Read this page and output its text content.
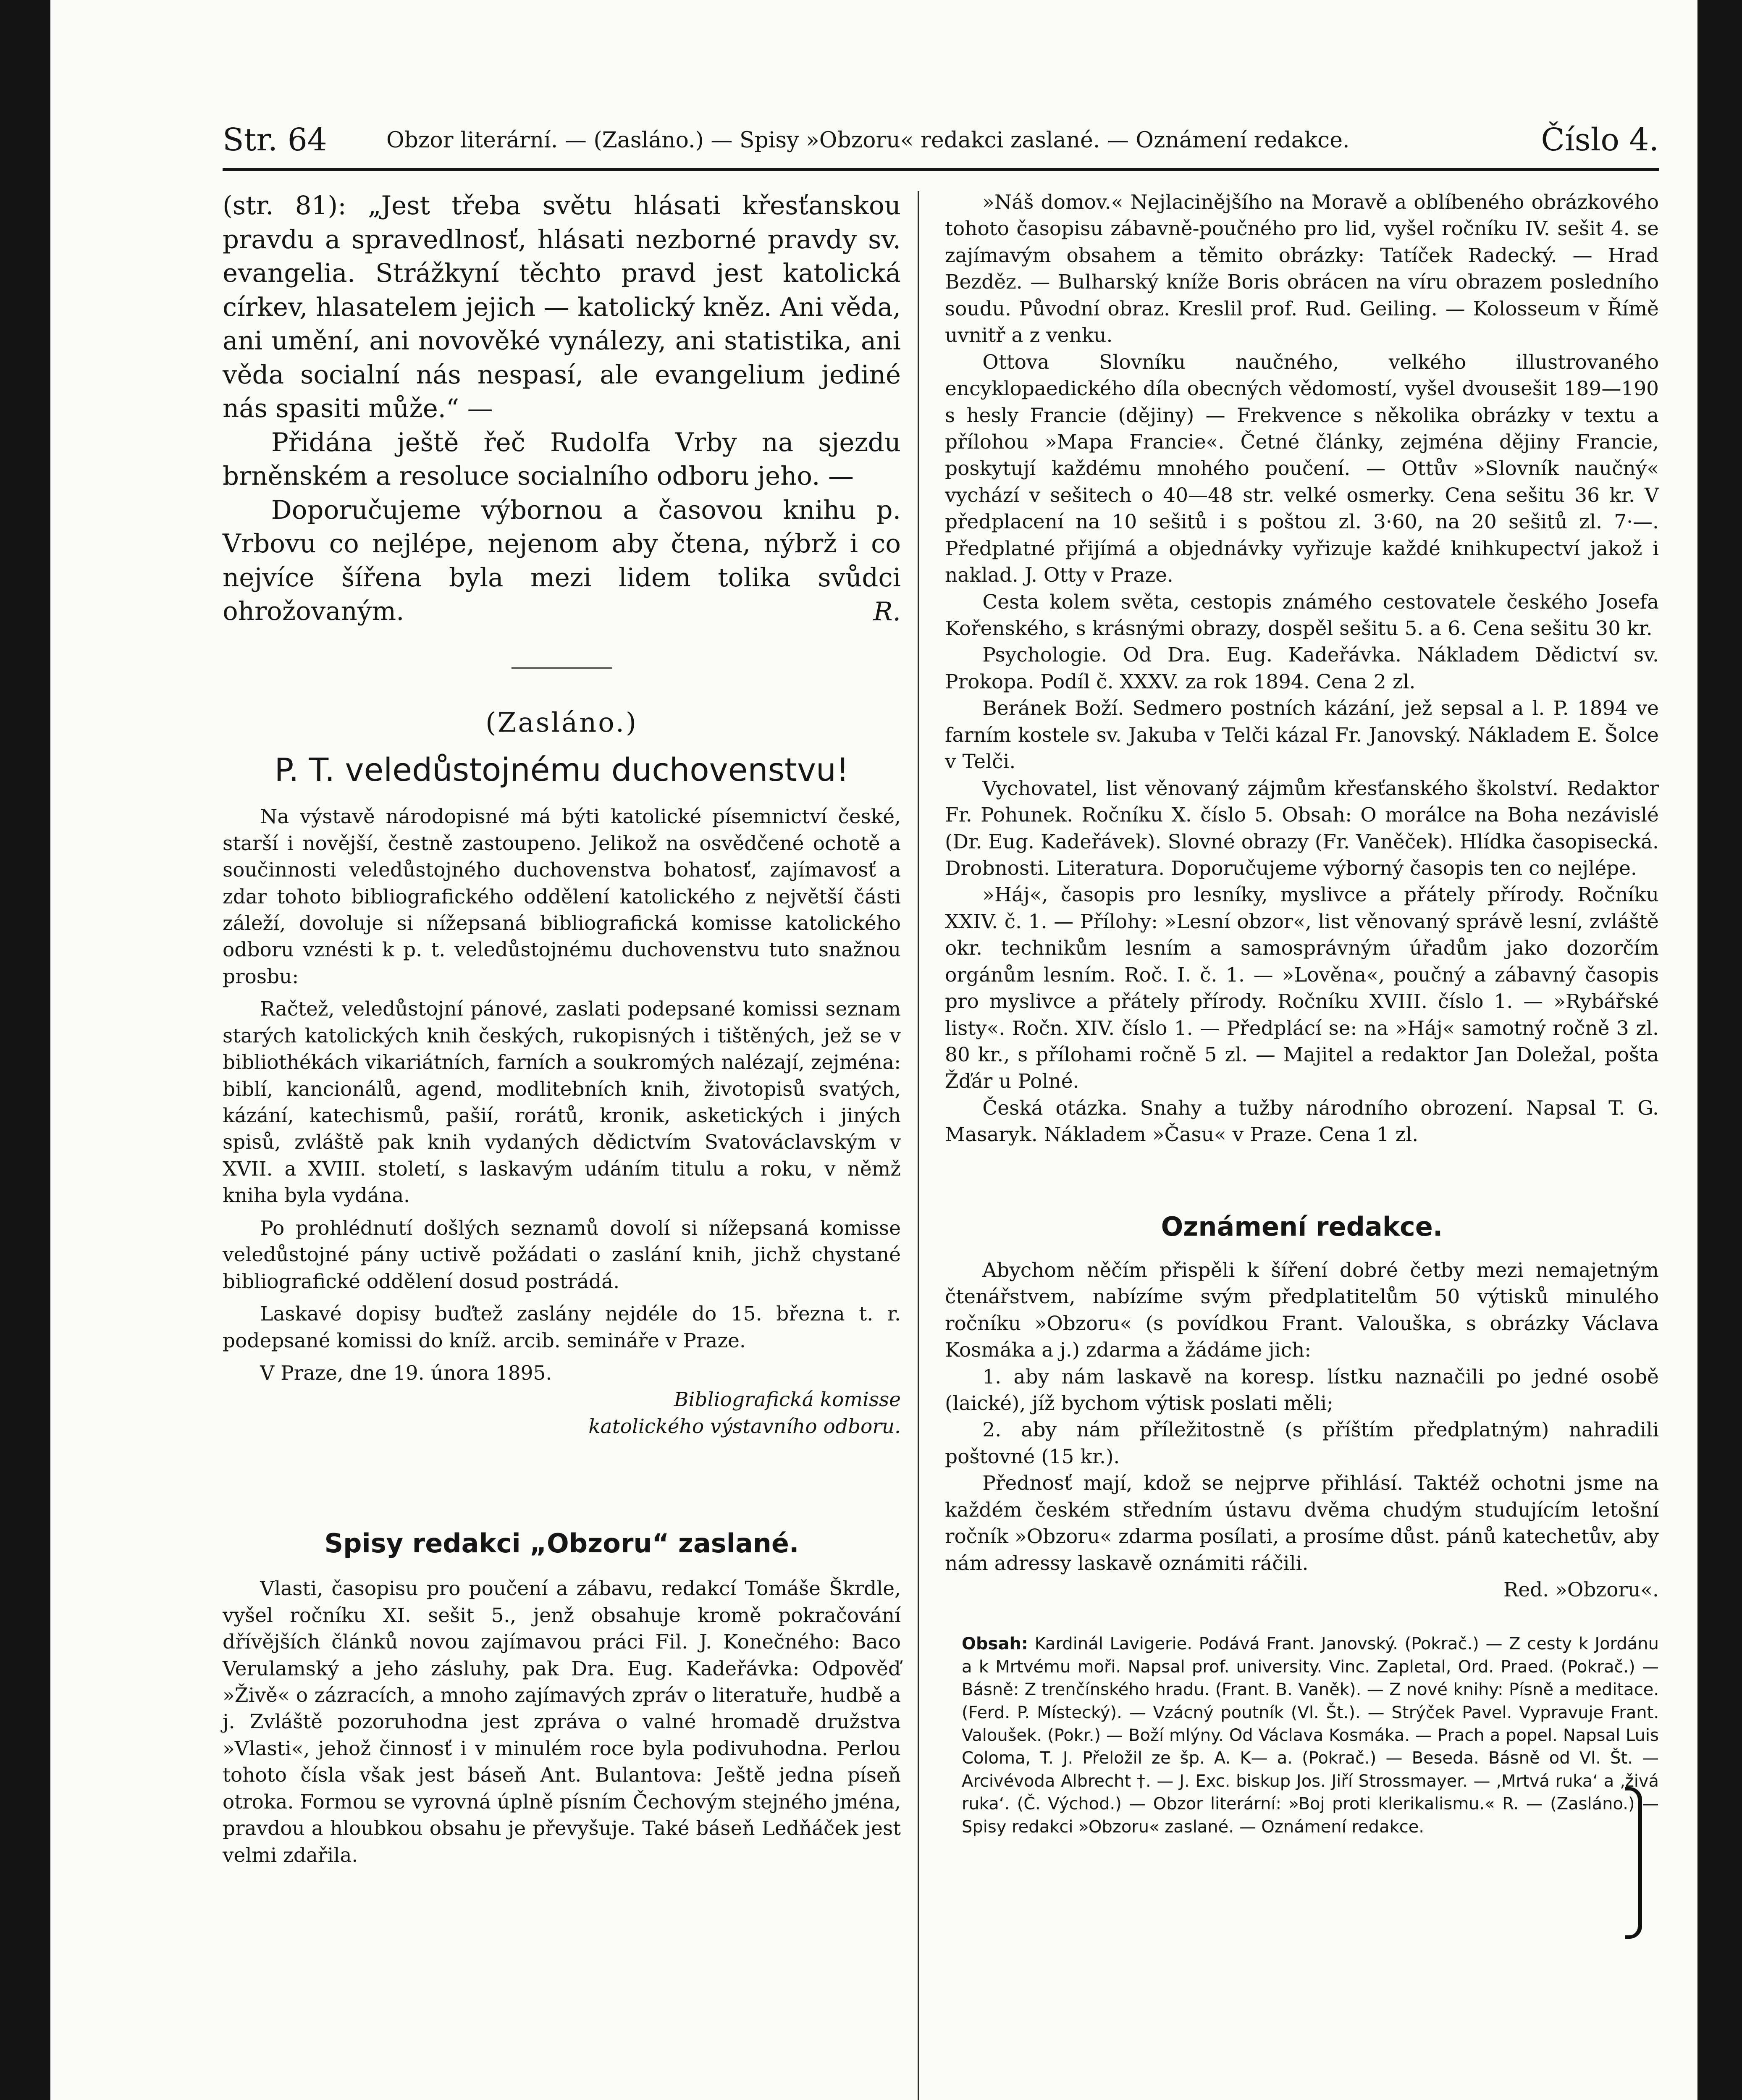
Str. 64	Obzor literární. — (Zasláno.) — Spisy »Obzoru« redakci zaslané. — Oznámení redakce.	Číslo 4.

(str. 81): „Jest třeba světu hlásati křesťanskou pravdu a spravedlnosť, hlásati nezborné pravdy sv. evangelia. Strážkyní těchto pravd jest katolická církev, hlasatelem jejich — katolický kněz. Ani věda, ani umění, ani novověké vynálezy, ani statistika, ani věda socialní nás nespasí, ale evangelium jediné nás spasiti může.“ —

Přidána ještě řeč Rudolfa Vrby na sjezdu brněnském a resoluce socialního odboru jeho. —

Doporučujeme výbornou a časovou knihu p. Vrbovu co nejlépe, nejenom aby čtena, nýbrž i co nejvíce šířena byla mezi lidem tolika svůdci ohrožovaným.	R.

(Zasláno.)
P. T. veledůstojnému duchovenstvu!

Na výstavě národopisné má býti katolické písemnictví české, starší i novější, čestně zastoupeno. Jelikož na osvědčené ochotě a součinnosti veledůstojného duchovenstva bohatosť, zajímavosť a zdar tohoto bibliografického oddělení katolického z největší části záleží, dovoluje si nížepsaná bibliografická komisse katolického odboru vznésti k p. t. veledůstojnému duchovenstvu tuto snažnou prosbu:

Račtež, veledůstojní pánové, zaslati podepsané komissi seznam starých katolických knih českých, rukopisných i tištěných, jež se v bibliothékách vikariátních, farních a soukromých nalézají, zejména: biblí, kancionálů, agend, modlitebních knih, životopisů svatých, kázání, katechismů, pašií, rorátů, kronik, asketických i jiných spisů, zvláště pak knih vydaných dědictvím Svatováclavským v XVII. a XVIII. století, s laskavým udáním titulu a roku, v němž kniha byla vydána.

Po prohlédnutí došlých seznamů dovolí si nížepsaná komisse veledůstojné pány uctivě požádati o zaslání knih, jichž chystané bibliografické oddělení dosud postrádá.

Laskavé dopisy buďtež zaslány nejdéle do 15. března t. r. podepsané komissi do kníž. arcib. semináře v Praze.

V Praze, dne 19. února 1895.

Bibliografická komisse
katolického výstavního odboru.
Spisy redakci „Obzoru“ zaslané.

Vlasti, časopisu pro poučení a zábavu, redakcí Tomáše Škrdle, vyšel ročníku XI. sešit 5., jenž obsahuje kromě pokračování dřívějších článků novou zajímavou práci Fil. J. Konečného: Baco Verulamský a jeho zásluhy, pak Dra. Eug. Kadeřávka: Odpověď »Živě« o zázracích, a mnoho zajímavých zpráv o literatuře, hudbě a j. Zvláště pozoruhodna jest zpráva o valné hromadě družstva »Vlasti«, jehož činnosť i v minulém roce byla podivuhodna. Perlou tohoto čísla však jest báseň Ant. Bulantova: Ještě jedna píseň otroka. Formou se vyrovná úplně písním Čechovým stejného jména, pravdou a hloubkou obsahu je převyšuje. Také báseň Ledňáček jest velmi zdařila.

»Náš domov.« Nejlacinějšího na Moravě a oblíbeného obrázkového tohoto časopisu zábavně-poučného pro lid, vyšel ročníku IV. sešit 4. se zajímavým obsahem a těmito obrázky: Tatíček Radecký. — Hrad Bezděz. — Bulharský kníže Boris obrácen na víru obrazem posledního soudu. Původní obraz. Kreslil prof. Rud. Geiling. — Kolosseum v Římě uvnitř a z venku.

Ottova Slovníku naučného, velkého illustrovaného encyklopaedického díla obecných vědomostí, vyšel dvousešit 189—190 s hesly Francie (dějiny) — Frekvence s několika obrázky v textu a přílohou »Mapa Francie«. Četné články, zejména dějiny Francie, poskytují každému mnohého poučení. — Ottův »Slovník naučný« vychází v sešitech o 40—48 str. velké osmerky. Cena sešitu 36 kr. V předplacení na 10 sešitů i s poštou zl. 3·60, na 20 sešitů zl. 7·—. Předplatné přijímá a objednávky vyřizuje každé knihkupectví jakož i naklad. J. Otty v Praze.

Cesta kolem světa, cestopis známého cestovatele českého Josefa Kořenského, s krásnými obrazy, dospěl sešitu 5. a 6. Cena sešitu 30 kr.

Psychologie. Od Dra. Eug. Kadeřávka. Nákladem Dědictví sv. Prokopa. Podíl č. XXXV. za rok 1894. Cena 2 zl.

Beránek Boží. Sedmero postních kázání, jež sepsal a l. P. 1894 ve farním kostele sv. Jakuba v Telči kázal Fr. Janovský. Nákladem E. Šolce v Telči.

Vychovatel, list věnovaný zájmům křesťanského školství. Redaktor Fr. Pohunek. Ročníku X. číslo 5. Obsah: O morálce na Boha nezávislé (Dr. Eug. Kadeřávek). Slovné obrazy (Fr. Vaněček). Hlídka časopisecká. Drobnosti. Literatura. Doporučujeme výborný časopis ten co nejlépe.

»Háj«, časopis pro lesníky, myslivce a přátely přírody. Ročníku XXIV. č. 1. — Přílohy: »Lesní obzor«, list věnovaný správě lesní, zvláště okr. technikům lesním a samosprávným úřadům jako dozorčím orgánům lesním. Roč. I. č. 1. — »Lověna«, poučný a zábavný časopis pro myslivce a přátely přírody. Ročníku XVIII. číslo 1. — »Rybářské listy«. Ročn. XIV. číslo 1. — Předplácí se: na »Háj« samotný ročně 3 zl. 80 kr., s přílohami ročně 5 zl. — Majitel a redaktor Jan Doležal, pošta Žďár u Polné.

Česká otázka. Snahy a tužby národního obrození. Napsal T. G. Masaryk. Nákladem »Času« v Praze. Cena 1 zl.

Oznámení redakce.

Abychom něčím přispěli k šíření dobré četby mezi nemajetným čtenářstvem, nabízíme svým předplatitelům 50 výtisků minulého ročníku »Obzoru« (s povídkou Frant. Valouška, s obrázky Václava Kosmáka a j.) zdarma a žádáme jich:

1. aby nám laskavě na koresp. lístku naznačili po jedné osobě (laické), jíž bychom výtisk poslati měli;

2. aby nám příležitostně (s příštím předplatným) nahradili poštovné (15 kr.).

Přednosť mají, kdož se nejprve přihlásí. Taktéž ochotni jsme na každém českém středním ústavu dvěma chudým studujícím letošní ročník »Obzoru« zdarma posílati, a prosíme důst. pánů katechetův, aby nám adressy laskavě oznámiti ráčili.

Red. »Obzoru«.

Obsah: Kardinál Lavigerie. Podává Frant. Janovský. (Pokrač.) — Z cesty k Jordánu a k Mrtvému moři. Napsal prof. university. Vinc. Zapletal, Ord. Praed. (Pokrač.) — Básně: Z trenčínského hradu. (Frant. B. Vaněk). — Z nové knihy: Písně a meditace. (Ferd. P. Místecký). — Vzácný poutník (Vl. Št.). — Strýček Pavel. Vypravuje Frant. Valoušek. (Pokr.) — Boží mlýny. Od Václava Kosmáka. — Prach a popel. Napsal Luis Coloma, T. J. Přeložil ze šp. A. K— a. (Pokrač.) — Beseda. Básně od Vl. Št. — Arcivévoda Albrecht †. — J. Exc. biskup Jos. Jiří Strossmayer. — ‚Mrtvá ruka‘ a ‚živá ruka‘. (Č. Východ.) — Obzor literární: »Boj proti klerikalismu.« R. — (Zasláno.) — Spisy redakci »Obzoru« zaslané. — Oznámení redakce.
